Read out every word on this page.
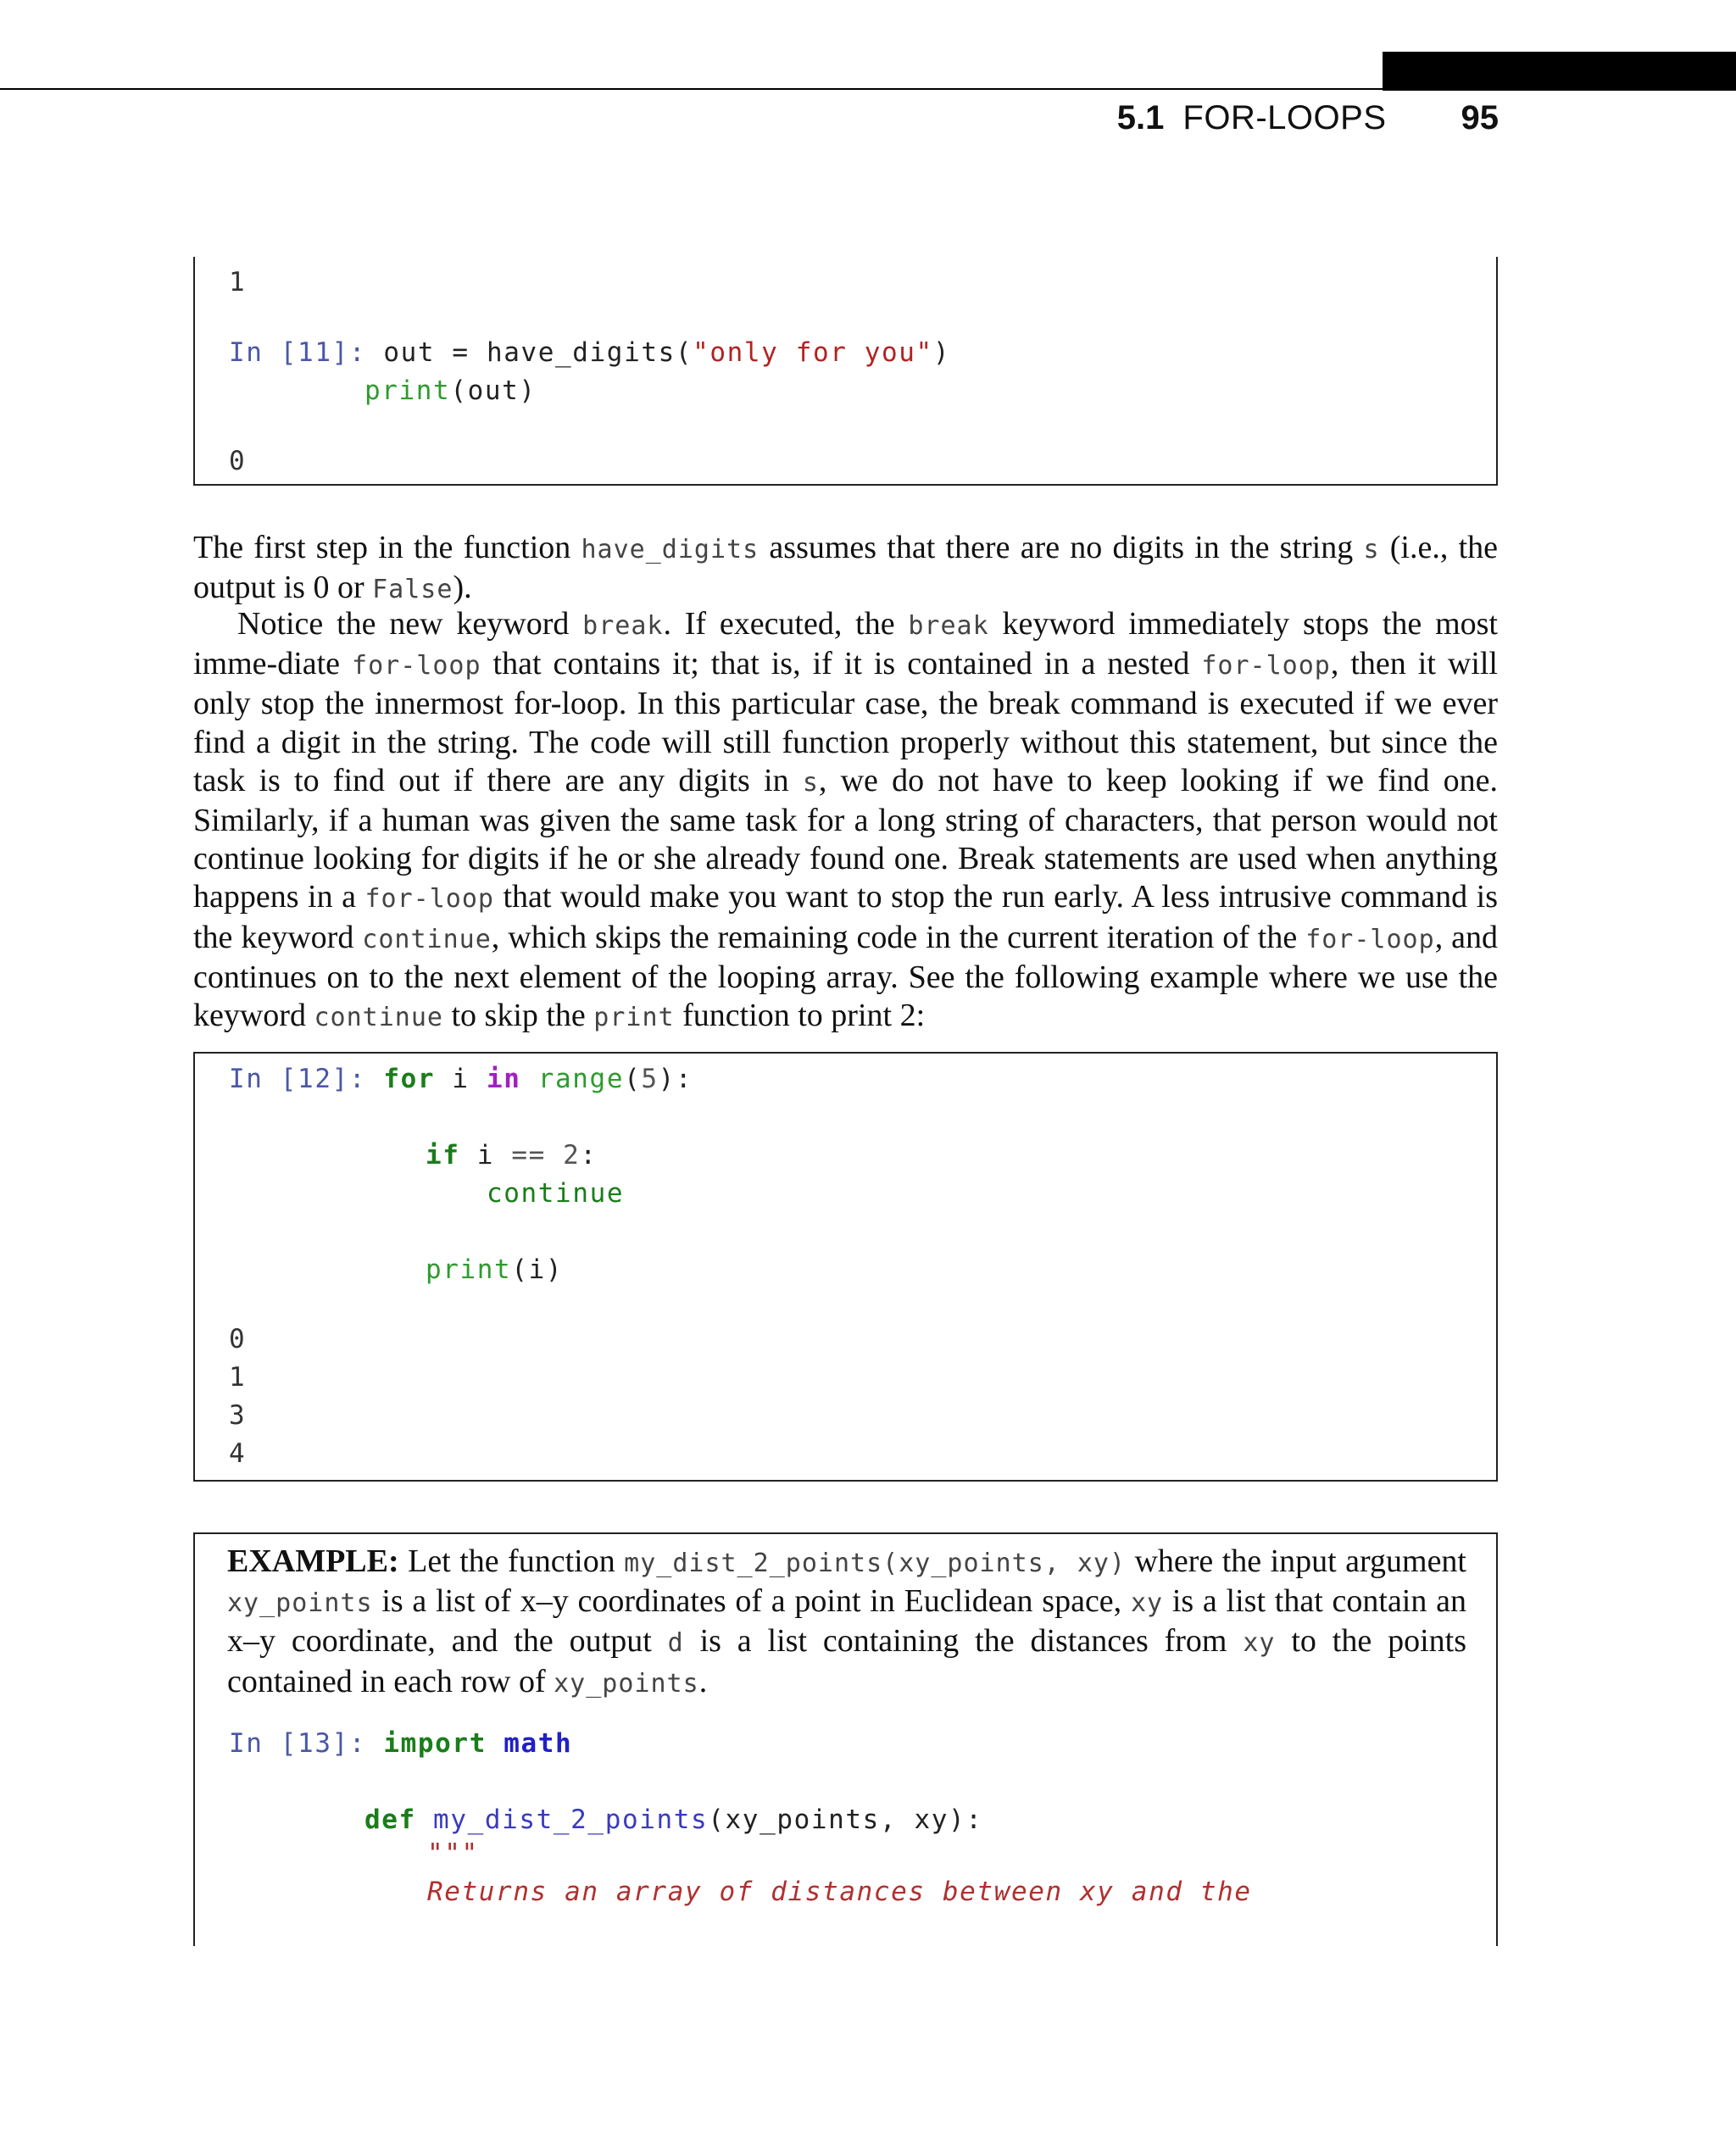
5.1 FOR-LOOPS 95
1
In [11]: out = have_digits("only for you")
print(out)
0
The first step in the function have_digits assumes that there are no digits in the string s (i.e., the output is 0 or False).
Notice the new keyword break. If executed, the break keyword immediately stops the most imme-diate for-loop that contains it; that is, if it is contained in a nested for-loop, then it will only stop the innermost for-loop. In this particular case, the break command is executed if we ever find a digit in the string. The code will still function properly without this statement, but since the task is to find out if there are any digits in s, we do not have to keep looking if we find one. Similarly, if a human was given the same task for a long string of characters, that person would not continue looking for digits if he or she already found one. Break statements are used when anything happens in a for-loop that would make you want to stop the run early. A less intrusive command is the keyword continue, which skips the remaining code in the current iteration of the for-loop, and continues on to the next element of the looping array. See the following example where we use the keyword continue to skip the print function to print 2:
In [12]: for i in range(5):
if i == 2:
continue
print(i)
0
1
3
4
EXAMPLE: Let the function my_dist_2_points(xy_points, xy) where the input argument xy_points is a list of x–y coordinates of a point in Euclidean space, xy is a list that contain an x–y coordinate, and the output d is a list containing the distances from xy to the points contained in each row of xy_points.
In [13]: import math
def my_dist_2_points(xy_points, xy):
"""
Returns an array of distances between xy and the
